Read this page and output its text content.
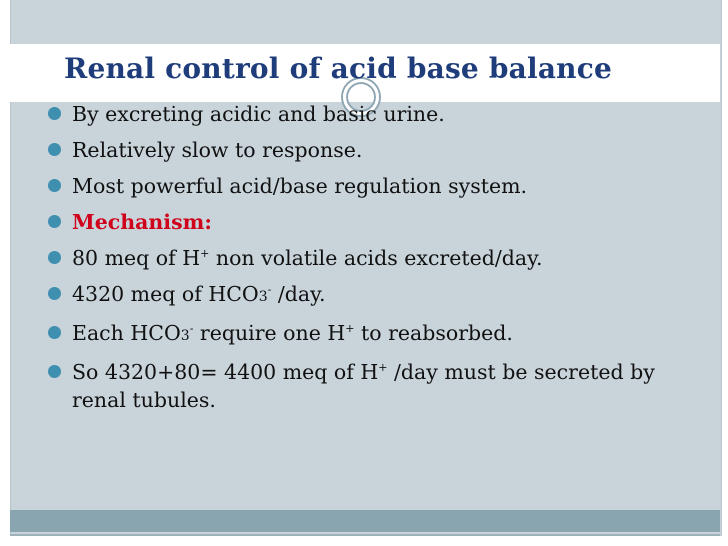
Renal control of acid base balance
By excreting acidic and basic urine.
Relatively slow to response.
Most powerful acid/base regulation system.
Mechanism:
80 meq of H+ non volatile acids excreted/day.
4320 meq of HCO3- /day.
Each HCO3- require one H+ to reabsorbed.
So 4320+80= 4400 meq of H+ /day must be secreted by renal tubules.
